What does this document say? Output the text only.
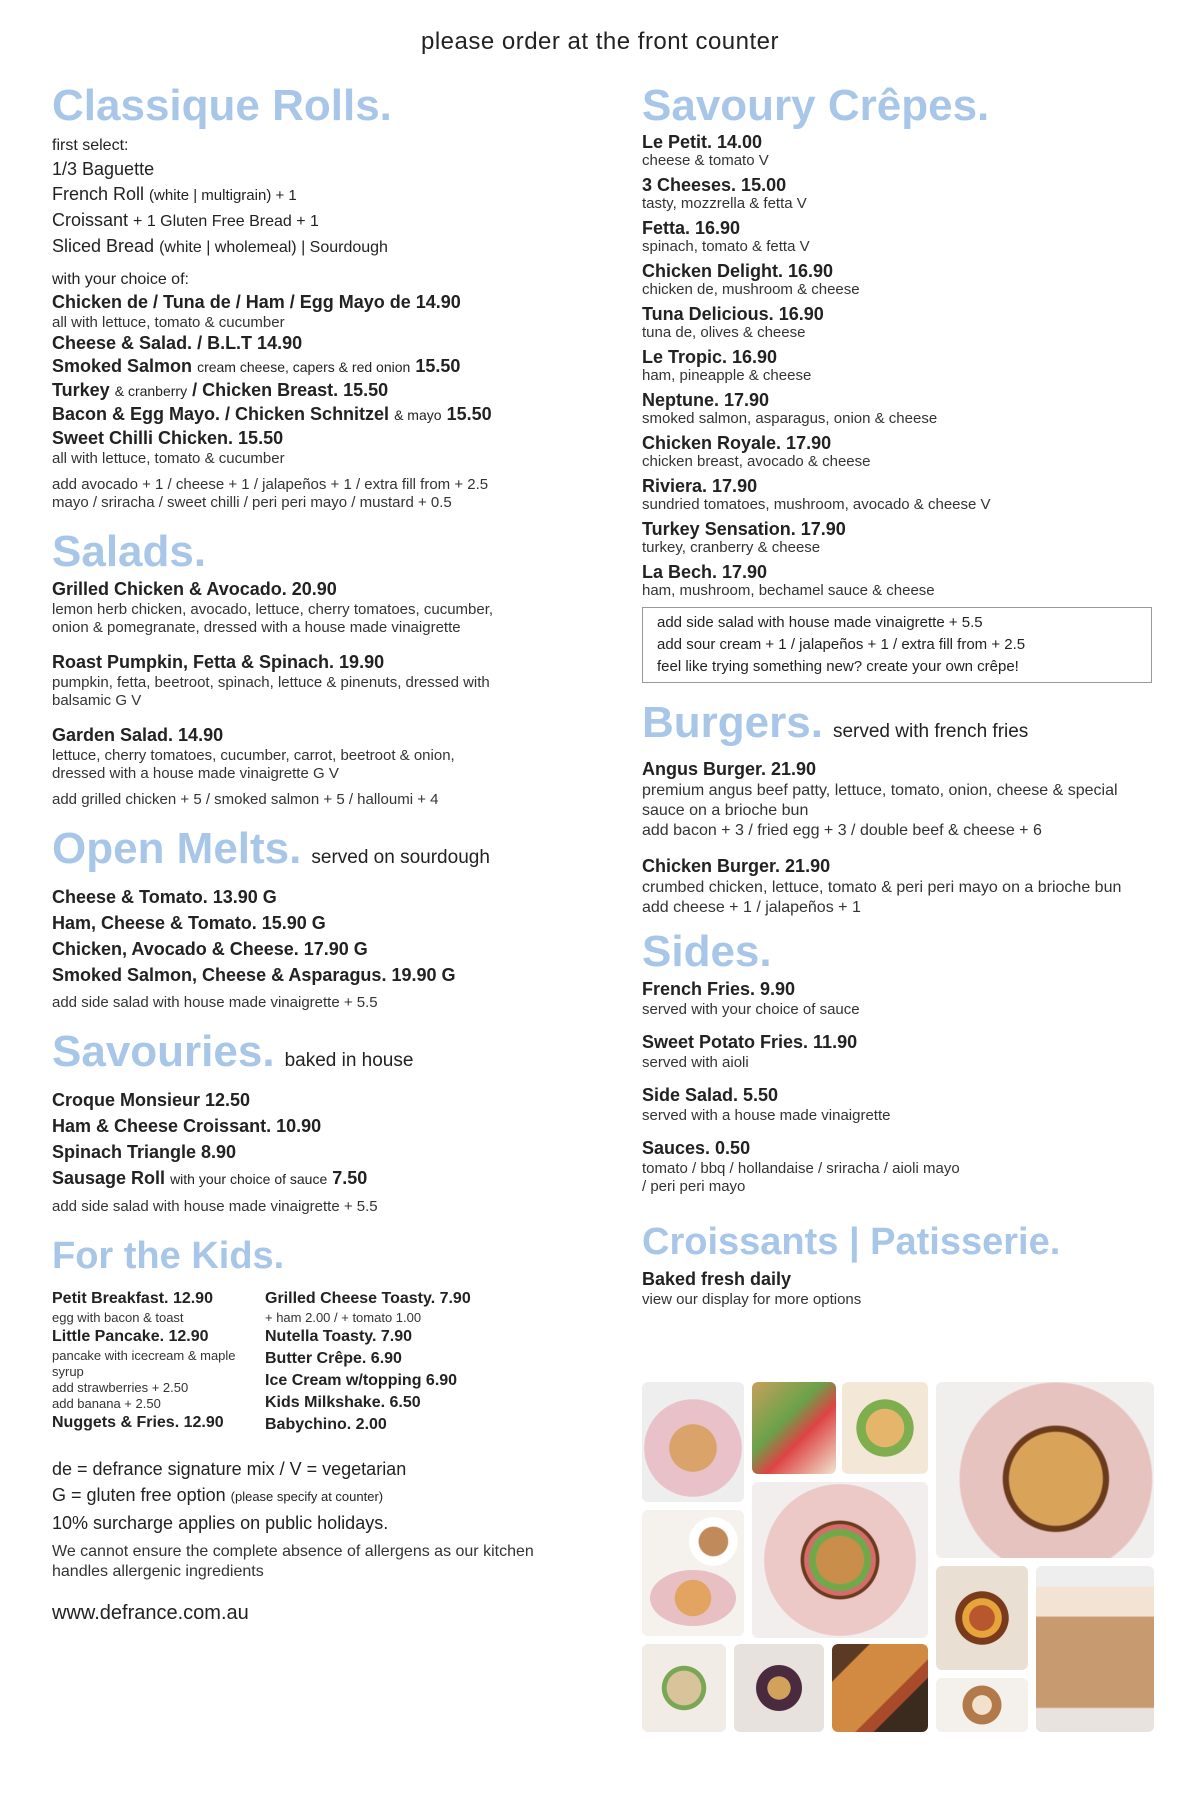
please order at the front counter
Classique Rolls.
first select:
1/3 Baguette
French Roll (white | multigrain) + 1
Croissant + 1 Gluten Free Bread + 1
Sliced Bread (white | wholemeal) | Sourdough
with your choice of:
Chicken de / Tuna de / Ham / Egg Mayo de 14.90
all with lettuce, tomato & cucumber
Cheese & Salad. / B.L.T 14.90
Smoked Salmon cream cheese, capers & red onion 15.50
Turkey & cranberry / Chicken Breast. 15.50
Bacon & Egg Mayo. / Chicken Schnitzel & mayo 15.50
Sweet Chilli Chicken. 15.50
all with lettuce, tomato & cucumber
add avocado + 1 / cheese + 1 / jalapeños + 1 / extra fill from + 2.5
mayo / sriracha / sweet chilli / peri peri mayo / mustard + 0.5
Salads.
Grilled Chicken & Avocado. 20.90
lemon herb chicken, avocado, lettuce, cherry tomatoes, cucumber, onion & pomegranate, dressed with a house made vinaigrette
Roast Pumpkin, Fetta & Spinach. 19.90
pumpkin, fetta, beetroot, spinach, lettuce & pinenuts, dressed with balsamic G V
Garden Salad. 14.90
lettuce, cherry tomatoes, cucumber, carrot, beetroot & onion, dressed with a house made vinaigrette G V
add grilled chicken + 5 / smoked salmon + 5 / halloumi + 4
Open Melts. served on sourdough
Cheese & Tomato. 13.90 G
Ham, Cheese & Tomato. 15.90 G
Chicken, Avocado & Cheese. 17.90 G
Smoked Salmon, Cheese & Asparagus. 19.90 G
add side salad with house made vinaigrette + 5.5
Savouries. baked in house
Croque Monsieur 12.50
Ham & Cheese Croissant. 10.90
Spinach Triangle 8.90
Sausage Roll with your choice of sauce 7.50
add side salad with house made vinaigrette + 5.5
For the Kids.
Petit Breakfast. 12.90
egg with bacon & toast
Little Pancake. 12.90
pancake with icecream & maple syrup
add strawberries + 2.50
add banana + 2.50
Nuggets & Fries. 12.90
Grilled Cheese Toasty. 7.90
+ ham 2.00 / + tomato 1.00
Nutella Toasty. 7.90
Butter Crêpe. 6.90
Ice Cream w/topping 6.90
Kids Milkshake. 6.50
Babychino. 2.00
de = defrance signature mix / V = vegetarian
G = gluten free option (please specify at counter)
10% surcharge applies on public holidays.
We cannot ensure the complete absence of allergens as our kitchen handles allergenic ingredients
www.defrance.com.au
Savoury Crêpes.
Le Petit. 14.00
cheese & tomato V
3 Cheeses. 15.00
tasty, mozzrella & fetta V
Fetta. 16.90
spinach, tomato & fetta V
Chicken Delight. 16.90
chicken de, mushroom & cheese
Tuna Delicious. 16.90
tuna de, olives & cheese
Le Tropic. 16.90
ham, pineapple & cheese
Neptune. 17.90
smoked salmon, asparagus, onion & cheese
Chicken Royale. 17.90
chicken breast, avocado & cheese
Riviera. 17.90
sundried tomatoes, mushroom, avocado & cheese V
Turkey Sensation. 17.90
turkey, cranberry & cheese
La Bech. 17.90
ham, mushroom, bechamel sauce & cheese
add side salad with house made vinaigrette + 5.5
add sour cream + 1 / jalapeños + 1 / extra fill from + 2.5
feel like trying something new? create your own crêpe!
Burgers. served with french fries
Angus Burger. 21.90
premium angus beef patty, lettuce, tomato, onion, cheese & special sauce on a brioche bun
add bacon + 3 / fried egg + 3 / double beef & cheese + 6
Chicken Burger. 21.90
crumbed chicken, lettuce, tomato & peri peri mayo on a brioche bun
add cheese + 1 / jalapeños + 1
Sides.
French Fries. 9.90
served with your choice of sauce
Sweet Potato Fries. 11.90
served with aioli
Side Salad. 5.50
served with a house made vinaigrette
Sauces. 0.50
tomato / bbq / hollandaise / sriracha / aioli mayo / peri peri mayo
Croissants | Patisserie.
Baked fresh daily
view our display for more options
